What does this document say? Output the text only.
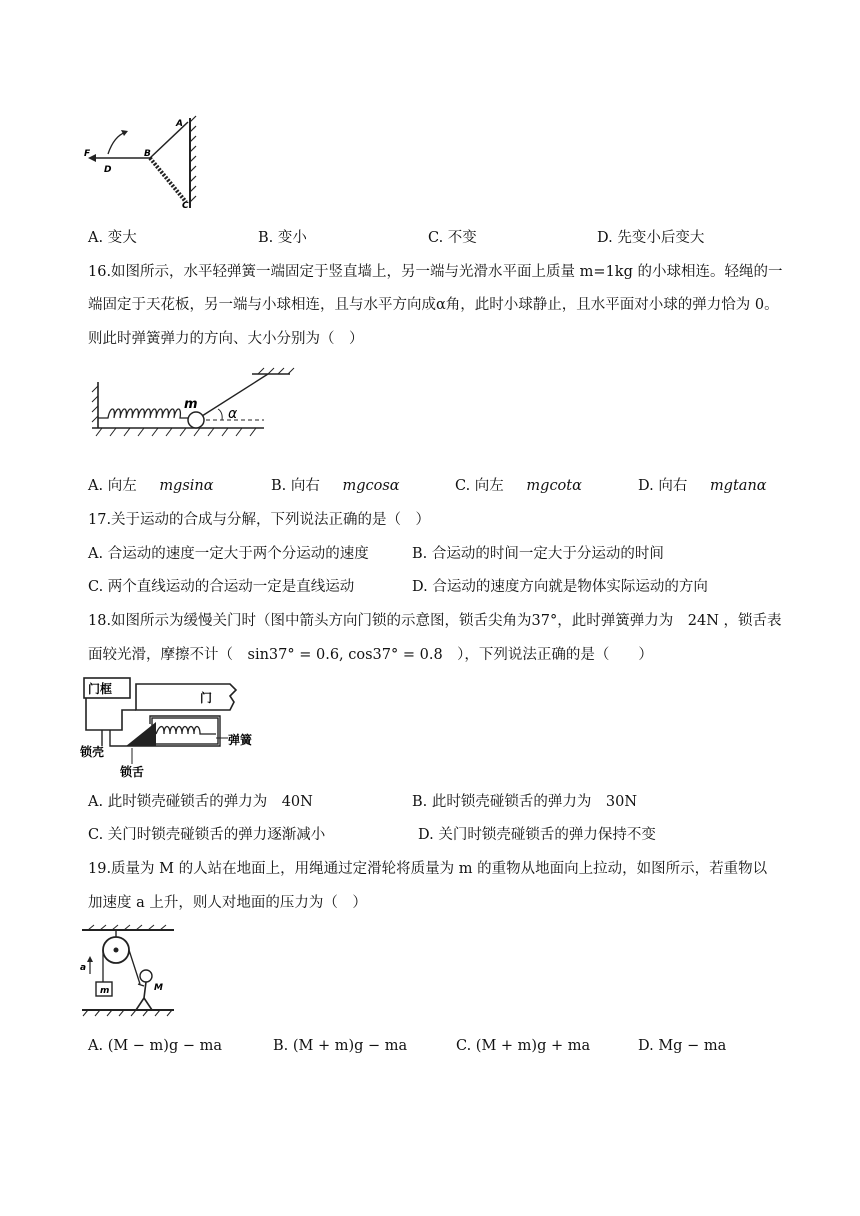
F
D
B
A
C
A. 变大	B. 变小	C. 不变	D. 先变小后变大
16.如图所示，水平轻弹簧一端固定于竖直墙上，另一端与光滑水平面上质量 m=1kg 的小球相连。轻绳的一
端固定于天花板，另一端与小球相连，且与水平方向成α角，此时小球静止，且水平面对小球的弹力恰为 0。
则此时弹簧弹力的方向、大小分别为（　）
m
α
A. 向左 mgsinα	B. 向右 mgcosα	C. 向左 mgcotα	D. 向右 mgtanα
17.关于运动的合成与分解，下列说法正确的是（　）
A. 合运动的速度一定大于两个分运动的速度	B. 合运动的时间一定大于分运动的时间
C. 两个直线运动的合运动一定是直线运动	D. 合运动的速度方向就是物体实际运动的方向
18.如图所示为缓慢关门时（图中箭头方向门锁的示意图，锁舌尖角为37°，此时弹簧弹力为　24N ，锁舌表
面较光滑，摩擦不计（　sin37° = 0.6, cos37° = 0.8　），下列说法正确的是（　　）
门框
门
弹簧
锁壳
锁舌
A. 此时锁壳碰锁舌的弹力为　40N	B. 此时锁壳碰锁舌的弹力为　30N
C. 关门时锁壳碰锁舌的弹力逐渐减小	D. 关门时锁壳碰锁舌的弹力保持不变
19.质量为 M 的人站在地面上，用绳通过定滑轮将质量为 m 的重物从地面向上拉动，如图所示，若重物以
加速度 a 上升，则人对地面的压力为（　）
m
a
M
A. (M − m)g − ma	B. (M + m)g − ma	C. (M + m)g + ma	D. Mg − ma
